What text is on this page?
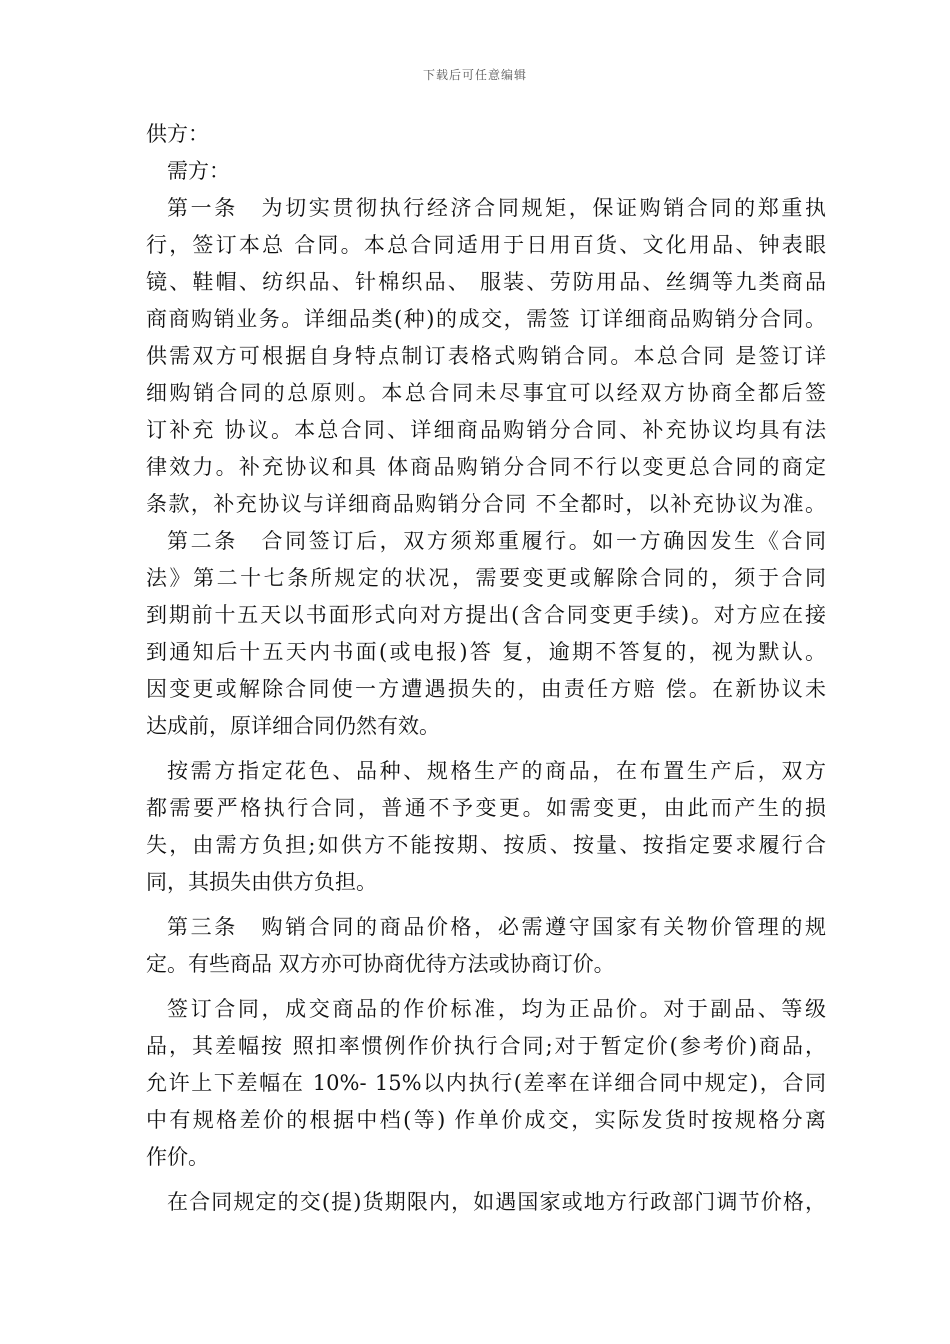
下载后可任意编辑
供方：
需方：
第一条　为切实贯彻执行经济合同规矩，保证购销合同的郑重执
行，签订本总 合同。本总合同适用于日用百货、文化用品、钟表眼
镜、鞋帽、纺织品、针棉织品、 服装、劳防用品、丝绸等九类商品
商商购销业务。详细品类(种)的成交，需签 订详细商品购销分合同。
供需双方可根据自身特点制订表格式购销合同。本总合同 是签订详
细购销合同的总原则。本总合同未尽事宜可以经双方协商全都后签
订补充 协议。本总合同、详细商品购销分合同、补充协议均具有法
律效力。补充协议和具 体商品购销分合同不行以变更总合同的商定
条款，补充协议与详细商品购销分合同 不全都时，以补充协议为准。
第二条　合同签订后，双方须郑重履行。如一方确因发生《合同
法》第二十七条所规定的状况，需要变更或解除合同的，须于合同
到期前十五天以书面形式向对方提出(含合同变更手续)。对方应在接
到通知后十五天内书面(或电报)答 复，逾期不答复的，视为默认。
因变更或解除合同使一方遭遇损失的，由责任方赔 偿。在新协议未
达成前，原详细合同仍然有效。
按需方指定花色、品种、规格生产的商品，在布置生产后，双方
都需要严格执行合同，普通不予变更。如需变更，由此而产生的损
失，由需方负担;如供方不能按期、按质、按量、按指定要求履行合
同，其损失由供方负担。
第三条　购销合同的商品价格，必需遵守国家有关物价管理的规
定。有些商品 双方亦可协商优待方法或协商订价。
签订合同，成交商品的作价标准，均为正品价。对于副品、等级
品，其差幅按 照扣率惯例作价执行合同;对于暂定价(参考价)商品，
允许上下差幅在 10%- 15%以内执行(差率在详细合同中规定)，合同
中有规格差价的根据中档(等) 作单价成交，实际发货时按规格分离
作价。
在合同规定的交(提)货期限内，如遇国家或地方行政部门调节价格，
